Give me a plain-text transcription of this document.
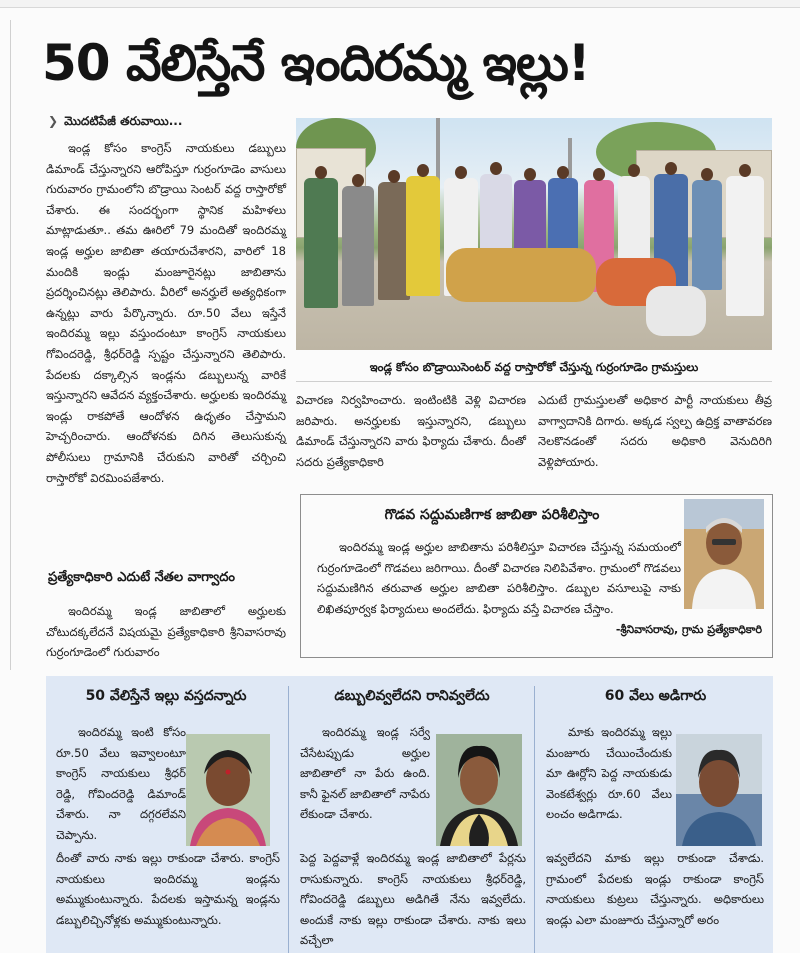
50 వేలిస్తేనే ఇందిరమ్మ ఇల్లు!
❯ మొదటిపేజీ తరువాయి...

ఇండ్ల కోసం కాంగ్రెస్ నాయకులు డబ్బులు డిమాండ్ చేస్తున్నారని ఆరోపిస్తూ గుర్రంగూడెం వాసులు గురువారం గ్రామంలోని బొడ్రాయి సెంటర్ వద్ద రాస్తారోకో చేశారు. ఈ సందర్భంగా స్థానిక మహిళలు మాట్లాడుతూ.. తమ ఊరిలో 79 మందితో ఇందిరమ్మ ఇండ్ల అర్హుల జాబితా తయారుచేశారని, వారిలో 18 మందికి ఇండ్లు మంజూరైనట్లు జాబితాను ప్రదర్శించినట్లు తెలిపారు. వీరిలో అనర్హులే అత్యధికంగా ఉన్నట్లు వారు పేర్కొన్నారు. రూ.50 వేలు ఇస్తేనే ఇందిరమ్మ ఇల్లు వస్తుందంటూ కాంగ్రెస్ నాయకులు గోవిందరెడ్డి, శ్రీధర్‌రెడ్డి స్పష్టం చేస్తున్నారని తెలిపారు. పేదలకు దక్కాల్సిన ఇండ్లను డబ్బులున్న వారికే ఇస్తున్నారని ఆవేదన వ్యక్తంచేశారు. అర్హులకు ఇందిరమ్మ ఇండ్లు రాకపోతే ఆందోళన ఉధృతం చేస్తామని హెచ్చరించారు. ఆందోళనకు దిగిన తెలుసుకున్న పోలీసులు గ్రామానికి చేరుకుని వారితో చర్చించి రాస్తారోకో విరమింపజేశారు.

ప్రత్యేకాధికారి ఎదుటే నేతల వాగ్వాదం

ఇందిరమ్మ ఇండ్ల జాబితాలో అర్హులకు చోటుదక్కలేదనే విషయమై ప్రత్యేకాధికారి శ్రీనివాసరావు గుర్రంగూడెంలో గురువారం

ఇండ్ల కోసం బొడ్రాయిసెంటర్ వద్ద రాస్తారోకో చేస్తున్న గుర్రంగూడెం గ్రామస్తులు

విచారణ నిర్వహించారు. ఇంటింటికి వెళ్లి విచారణ జరిపారు. అనర్హులకు ఇస్తున్నారని, డబ్బులు డిమాండ్ చేస్తున్నారని వారు ఫిర్యాదు చేశారు. దీంతో సదరు ప్రత్యేకాధికారి

ఎదుటే గ్రామస్తులతో అధికార పార్టీ నాయకులు తీవ్ర వాగ్వాదానికి దిగారు. అక్కడ స్వల్ప ఉద్రిక్త వాతావరణ నెలకొనడంతో సదరు అధికారి వెనుదిరిగి వెళ్లిపోయారు.

గొడవ సద్దుమణిగాక జాబితా పరిశీలిస్తాం

ఇందిరమ్మ ఇండ్ల అర్హుల జాబితాను పరిశీలిస్తూ విచారణ చేస్తున్న సమయంలో గుర్రంగూడెంలో గొడవలు జరిగాయి. దీంతో విచారణ నిలిపివేశాం. గ్రామంలో గొడవలు సద్దుమణిగిన తరువాత అర్హుల జాబితా పరిశీలిస్తాం. డబ్బుల వసూలుపై నాకు లిఖితపూర్వక ఫిర్యాదులు అందలేదు. ఫిర్యాదు వస్తే విచారణ చేస్తాం.

-శ్రీనివాసరావు, గ్రామ ప్రత్యేకాధికారి
50 వేలిస్తేనే ఇల్లు వస్తదన్నారు	డబ్బులివ్వలేదని రానివ్వలేదు	60 వేలు అడిగారు

ఇందిరమ్మ ఇంటి కోసం రూ.50 వేలు ఇవ్వాలంటూ కాంగ్రెస్ నాయకులు శ్రీధర్ రెడ్డి, గోవిందరెడ్డి డిమాండ్ చేశారు. నా దగ్గరలేవని చెప్పాను.

దీంతో వారు నాకు ఇల్లు రాకుండా చేశారు. కాంగ్రెస్ నాయకులు ఇందిరమ్మ ఇండ్లను అమ్ముకుంటున్నారు. పేదలకు ఇస్తామన్న ఇండ్లను డబ్బులిచ్చినోళ్లకు అమ్ముకుంటున్నారు.

ఇందిరమ్మ ఇండ్ల సర్వే చేసేటప్పుడు అర్హుల జాబితాలో నా పేరు ఉంది. కానీ ఫైనల్ జాబితాలో నాపేరు లేకుండా చేశారు.

పెద్ద పెద్దవాళ్లే ఇందిరమ్మ ఇండ్ల జాబితాలో పేర్లను రాసుకున్నారు. కాంగ్రెస్ నాయకులు శ్రీధర్‌రెడ్డి, గోవిందరెడ్డి డబ్బులు అడిగితే నేను ఇవ్వలేదు. అందుకే నాకు ఇల్లు రాకుండా చేశారు. నాకు ఇలు వచ్చేలా

మాకు ఇందిరమ్మ ఇల్లు మంజూరు చేయించేందుకు మా ఊర్లోని పెద్ద నాయకుడు వెంకటేశ్వర్లు రూ.60 వేలు లంచం అడిగాడు.

ఇవ్వలేదని మాకు ఇల్లు రాకుండా చేశాడు. గ్రామంలో పేదలకు ఇండ్లు రాకుండా కాంగ్రెస్ నాయకులు కుట్రలు చేస్తున్నారు. అధికారులు ఇండ్లు ఎలా మంజూరు చేస్తున్నారో అరం
